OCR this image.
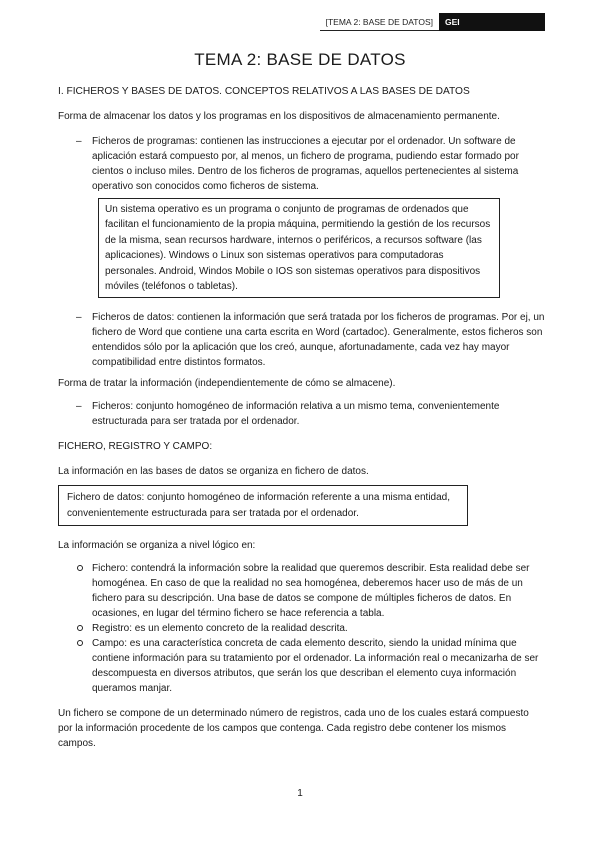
[TEMA 2: BASE DE DATOS]	GEI
TEMA 2: BASE DE DATOS

I. FICHEROS Y BASES DE DATOS. CONCEPTOS RELATIVOS A LAS BASES DE DATOS

Forma de almacenar los datos y los programas en los dispositivos de almacenamiento permanente.

– Ficheros de programas: contienen las instrucciones a ejecutar por el ordenador. Un software de aplicación estará compuesto por, al menos, un fichero de programa, pudiendo estar formado por cientos o incluso miles. Dentro de los ficheros de programas, aquellos pertenecientes al sistema operativo son conocidos como ficheros de sistema.
Un sistema operativo es un programa o conjunto de programas de ordenados que facilitan el funcionamiento de la propia máquina, permitiendo la gestión de los recursos de la misma, sean recursos hardware, internos o periféricos, a recursos software (las aplicaciones). Windows o Linux son sistemas operativos para computadoras personales. Android, Windos Mobile o IOS son sistemas operativos para dispositivos móviles (teléfonos o tabletas).
– Ficheros de datos: contienen la información que será tratada por los ficheros de programas. Por ej, un fichero de Word que contiene una carta escrita en Word (cartadoc). Generalmente, estos ficheros son entendidos sólo por la aplicación que los creó, aunque, afortunadamente, cada vez hay mayor compatibilidad entre distintos formatos.

Forma de tratar la información (independientemente de cómo se almacene).

– Ficheros: conjunto homogéneo de información relativa a un mismo tema, convenientemente estructurada para ser tratada por el ordenador.

FICHERO, REGISTRO Y CAMPO:

La información en las bases de datos se organiza en fichero de datos.

Fichero de datos: conjunto homogéneo de información referente a una misma entidad, convenientemente estructurada para ser tratada por el ordenador.

La información se organiza a nivel lógico en:

Fichero: contendrá la información sobre la realidad que queremos describir. Esta realidad debe ser homogénea. En caso de que la realidad no sea homogénea, deberemos hacer uso de más de un fichero para su descripción. Una base de datos se compone de múltiples ficheros de datos. En ocasiones, en lugar del término fichero se hace referencia a tabla.
Registro: es un elemento concreto de la realidad descrita.
Campo: es una característica concreta de cada elemento descrito, siendo la unidad mínima que contiene información para su tratamiento por el ordenador. La información real o mecanizarha de ser descompuesta en diversos atributos, que serán los que describan el elemento cuya información queramos manjar.

Un fichero se compone de un determinado número de registros, cada uno de los cuales estará compuesto por la información procedente de los campos que contenga. Cada registro debe contener los mismos campos.

1
